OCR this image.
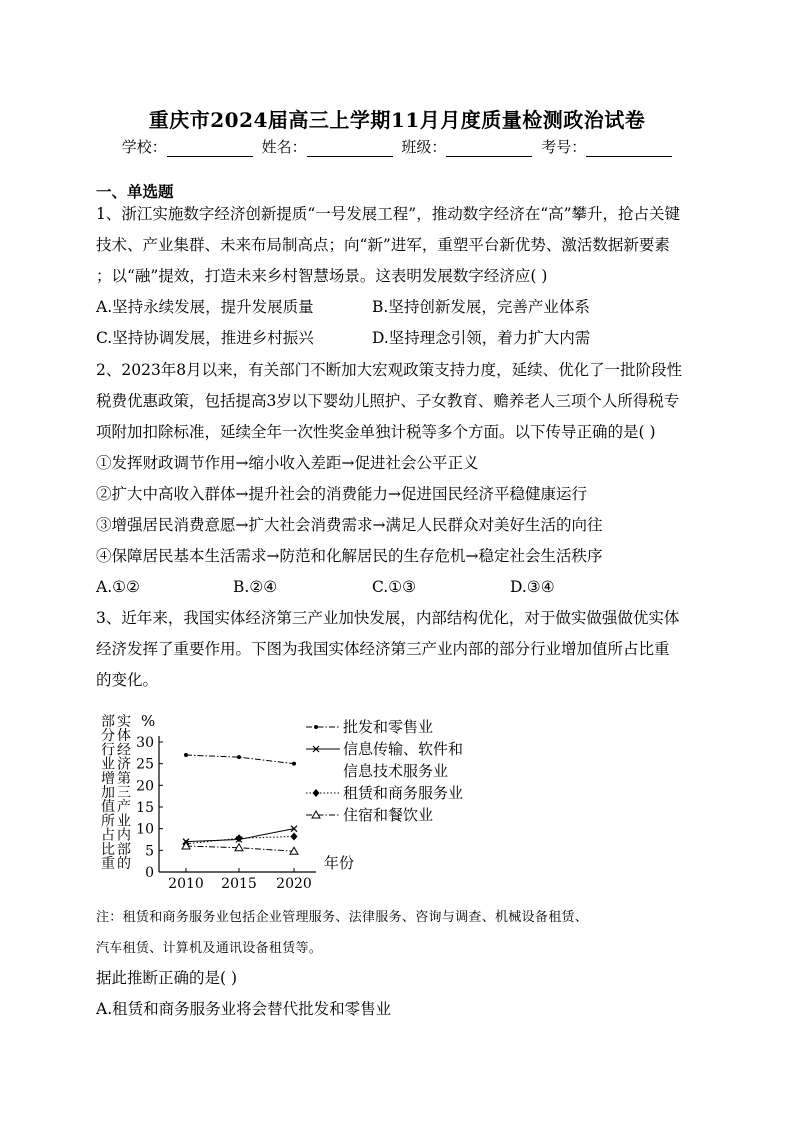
重庆市2024届高三上学期11月月度质量检测政治试卷
学校：	姓名：	班级：	考号：
一、单选题
1、浙江实施数字经济创新提质“一号发展工程”，推动数字经济在“高”攀升，抢占关键
技术、产业集群、未来布局制高点；向“新”进军，重塑平台新优势、激活数据新要素
；以“融”提效，打造未来乡村智慧场景。这表明发展数字经济应( )
A.坚持永续发展，提升发展质量	B.坚持创新发展，完善产业体系
C.坚持协调发展，推进乡村振兴	D.坚持理念引领，着力扩大内需
2、2023年8月以来，有关部门不断加大宏观政策支持力度，延续、优化了一批阶段性
税费优惠政策，包括提高3岁以下婴幼儿照护、子女教育、赡养老人三项个人所得税专
项附加扣除标准，延续全年一次性奖金单独计税等多个方面。以下传导正确的是( )
①发挥财政调节作用→缩小收入差距→促进社会公平正义
②扩大中高收入群体→提升社会的消费能力→促进国民经济平稳健康运行
③增强居民消费意愿→扩大社会消费需求→满足人民群众对美好生活的向往
④保障居民基本生活需求→防范和化解居民的生存危机→稳定社会生活秩序
A.①②	B.②④	C.①③	D.③④
3、近年来，我国实体经济第三产业加快发展，内部结构优化，对于做实做强做优实体
经济发挥了重要作用。下图为我国实体经济第三产业内部的部分行业增加值所占比重
的变化。
实
体
经
济
第
三
产
业
内
部
的
部
分
行
业
增
加
值
所
占
比
重
%
0
5
10
15
20
25
30
2010 2015 2020
年份
批发和零售业
信息传输、软件和
信息技术服务业
租赁和商务服务业
住宿和餐饮业
注：租赁和商务服务业包括企业管理服务、法律服务、咨询与调查、机械设备租赁、
汽车租赁、计算机及通讯设备租赁等。
据此推断正确的是( )
A.租赁和商务服务业将会替代批发和零售业
